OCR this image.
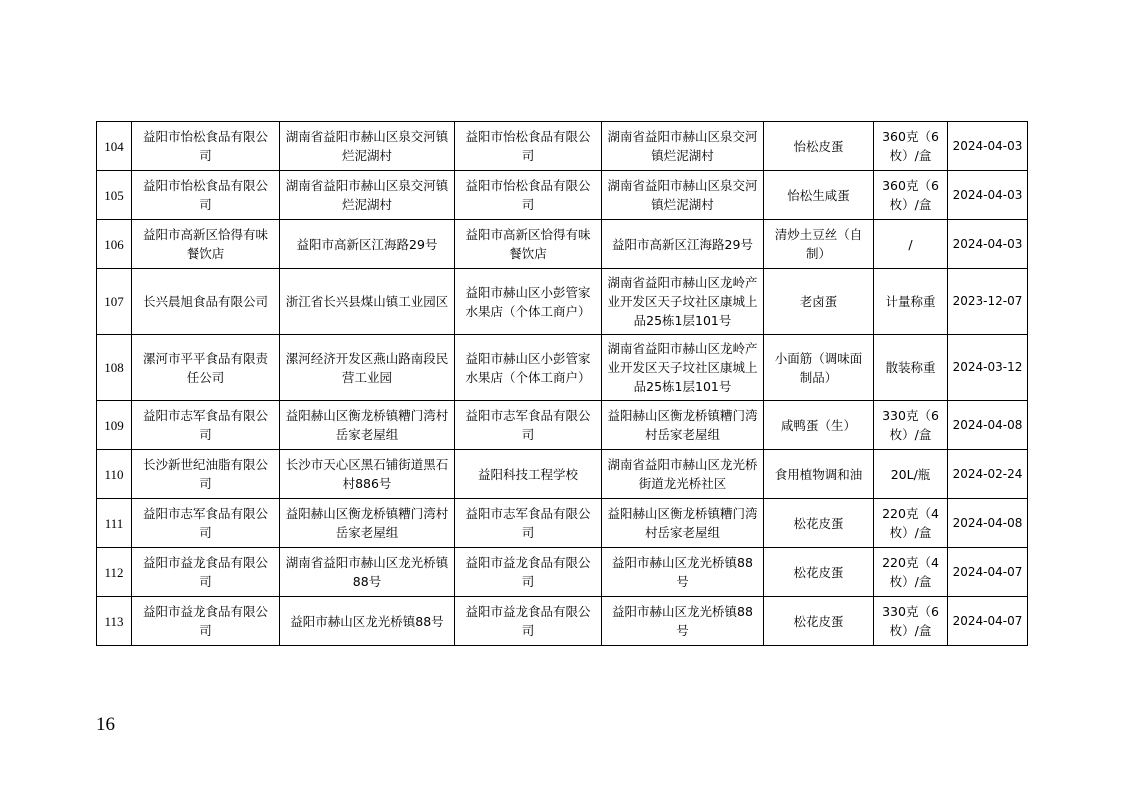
104	益阳市怡松食品有限公司	湖南省益阳市赫山区泉交河镇烂泥湖村	益阳市怡松食品有限公司	湖南省益阳市赫山区泉交河镇烂泥湖村	怡松皮蛋	360克（6枚）/盒	2024-04-03
105	益阳市怡松食品有限公司	湖南省益阳市赫山区泉交河镇烂泥湖村	益阳市怡松食品有限公司	湖南省益阳市赫山区泉交河镇烂泥湖村	怡松生咸蛋	360克（6枚）/盒	2024-04-03
106	益阳市高新区恰得有味餐饮店	益阳市高新区江海路29号	益阳市高新区恰得有味餐饮店	益阳市高新区江海路29号	清炒土豆丝（自制）	/	2024-04-03
107	长兴晨旭食品有限公司	浙江省长兴县煤山镇工业园区	益阳市赫山区小彭管家水果店（个体工商户）	湖南省益阳市赫山区龙岭产业开发区天子坟社区康城上品25栋1层101号	老卤蛋	计量称重	2023-12-07
108	漯河市平平食品有限责任公司	漯河经济开发区燕山路南段民营工业园	益阳市赫山区小彭管家水果店（个体工商户）	湖南省益阳市赫山区龙岭产业开发区天子坟社区康城上品25栋1层101号	小面筋（调味面制品）	散装称重	2024-03-12
109	益阳市志军食品有限公司	益阳赫山区衡龙桥镇糟门湾村岳家老屋组	益阳市志军食品有限公司	益阳赫山区衡龙桥镇糟门湾村岳家老屋组	咸鸭蛋（生）	330克（6枚）/盒	2024-04-08
110	长沙新世纪油脂有限公司	长沙市天心区黑石铺街道黑石村886号	益阳科技工程学校	湖南省益阳市赫山区龙光桥街道龙光桥社区	食用植物调和油	20L/瓶	2024-02-24
111	益阳市志军食品有限公司	益阳赫山区衡龙桥镇糟门湾村岳家老屋组	益阳市志军食品有限公司	益阳赫山区衡龙桥镇糟门湾村岳家老屋组	松花皮蛋	220克（4枚）/盒	2024-04-08
112	益阳市益龙食品有限公司	湖南省益阳市赫山区龙光桥镇88号	益阳市益龙食品有限公司	益阳市赫山区龙光桥镇88号	松花皮蛋	220克（4枚）/盒	2024-04-07
113	益阳市益龙食品有限公司	益阳市赫山区龙光桥镇88号	益阳市益龙食品有限公司	益阳市赫山区龙光桥镇88号	松花皮蛋	330克（6枚）/盒	2024-04-07
16
